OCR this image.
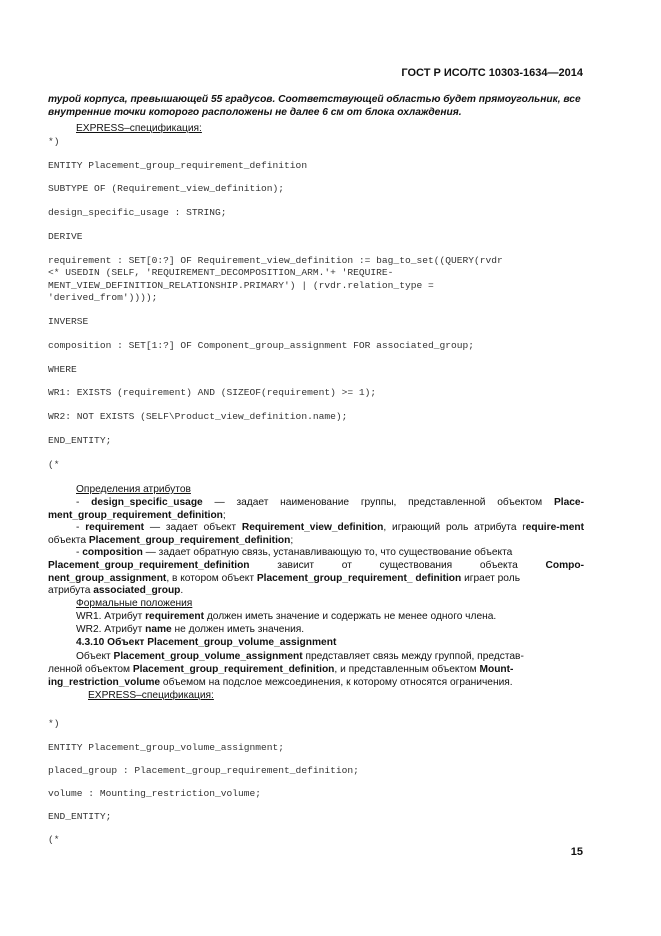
ГОСТ Р ИСО/ТС 10303-1634—2014
турой корпуса, превышающей 55 градусов. Соответствующей областью будет прямоугольник, все
внутренние точки которого расположены не далее 6 см от блока охлаждения.
EXPRESS–спецификация:
*)
ENTITY Placement_group_requirement_definition
SUBTYPE OF (Requirement_view_definition);
design_specific_usage : STRING;
DERIVE
requirement : SET[0:?] OF Requirement_view_definition := bag_to_set((QUERY(rvdr
<* USEDIN (SELF, 'REQUIREMENT_DECOMPOSITION_ARM.'+ 'REQUIRE-
MENT_VIEW_DEFINITION_RELATIONSHIP.PRIMARY') | (rvdr.relation_type =
'derived_from'))));
INVERSE
composition : SET[1:?] OF Component_group_assignment FOR associated_group;
WHERE
WR1: EXISTS (requirement) AND (SIZEOF(requirement) >= 1);
WR2: NOT EXISTS (SELF\Product_view_definition.name);
END_ENTITY;
(*
Определения атрибутов
- design_specific_usage — задает наименование группы, представленной объектом Place-ment_group_requirement_definition;
- requirement — задает объект Requirement_view_definition, играющий роль атрибута require-ment объекта Placement_group_requirement_definition;
- composition — задает обратную связь, устанавливающую то, что существование объекта
Placement_group_requirement_definition	зависит	от	существования	объекта	Compo-
nent_group_assignment, в котором объект Placement_group_requirement_ definition играет роль
атрибута associated_group.
Формальные положения
WR1. Атрибут requirement должен иметь значение и содержать не менее одного члена.
WR2. Атрибут name не должен иметь значения.
4.3.10 Объект Placement_group_volume_assignment
Объект Placement_group_volume_assignment представляет связь между группой, представ-
ленной объектом Placement_group_requirement_definition, и представленным объектом Mount-
ing_restriction_volume объемом на подслое межсоединения, к которому относятся ограничения.
EXPRESS–спецификация:
*)
ENTITY Placement_group_volume_assignment;
placed_group : Placement_group_requirement_definition;
volume : Mounting_restriction_volume;
END_ENTITY;
(*
15
